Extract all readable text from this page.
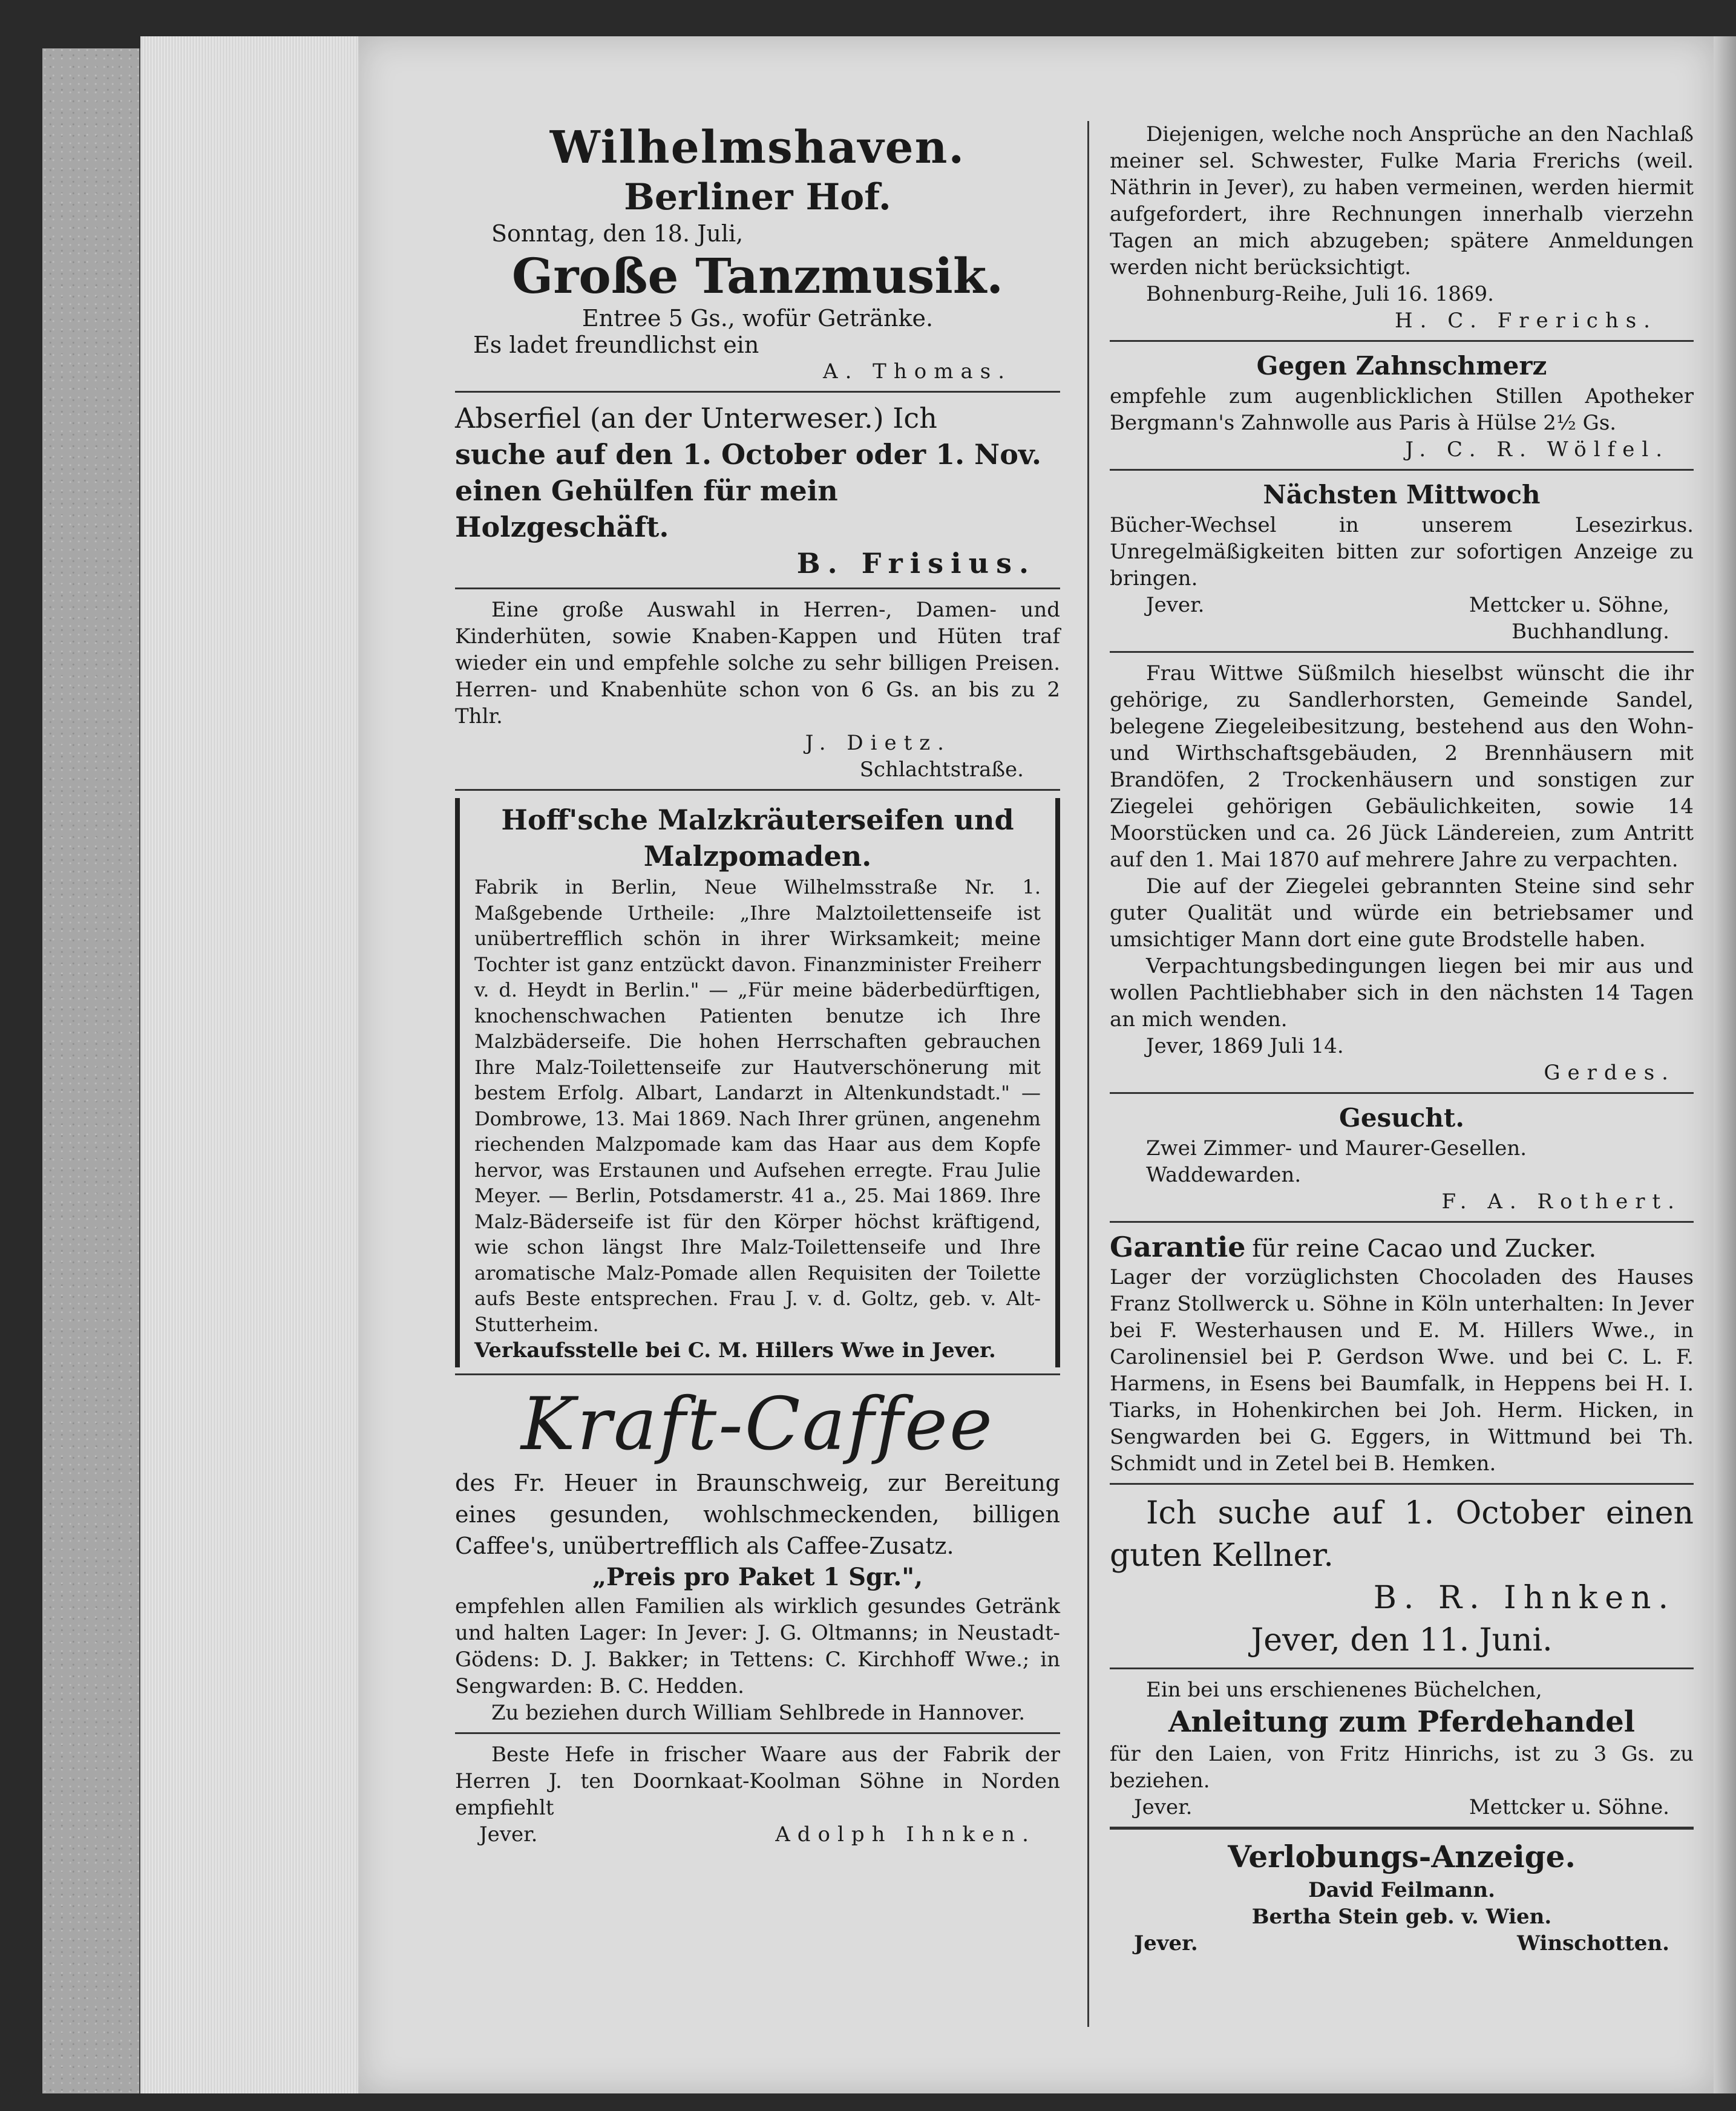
Wilhelmshaven.

Berliner Hof.

Sonntag, den 18. Juli,

Große Tanzmusik.

Entree 5 Gs., wofür Getränke.

Es ladet freundlichst ein

A. Thomas.

Abserfiel (an der Unterweser.) Ich

suche auf den 1. October oder 1. Nov.

einen Gehülfen für mein Holzgeschäft.

B. Frisius.

Eine große Auswahl in Herren-, Damen- und Kinderhüten, sowie Knaben-Kappen und Hüten traf wieder ein und empfehle solche zu sehr billigen Preisen. Herren- und Knabenhüte schon von 6 Gs. an bis zu 2 Thlr.

J. Dietz.

Schlachtstraße.

Hoff'sche Malzkräuterseifen und

Malzpomaden.

Fabrik in Berlin, Neue Wilhelmsstraße Nr. 1. Maßgebende Urtheile: „Ihre Malztoilettenseife ist unübertrefflich schön in ihrer Wirksamkeit; meine Tochter ist ganz entzückt davon. Finanzminister Freiherr v. d. Heydt in Berlin." — „Für meine bäderbedürftigen, knochenschwachen Patienten benutze ich Ihre Malzbäderseife. Die hohen Herrschaften gebrauchen Ihre Malz-Toilettenseife zur Hautverschönerung mit bestem Erfolg. Albart, Landarzt in Altenkundstadt." — Dombrowe, 13. Mai 1869. Nach Ihrer grünen, angenehm riechenden Malzpomade kam das Haar aus dem Kopfe hervor, was Erstaunen und Aufsehen erregte. Frau Julie Meyer. — Berlin, Potsdamerstr. 41 a., 25. Mai 1869. Ihre Malz-Bäderseife ist für den Körper höchst kräftigend, wie schon längst Ihre Malz-Toilettenseife und Ihre aromatische Malz-Pomade allen Requisiten der Toilette aufs Beste entsprechen. Frau J. v. d. Goltz, geb. v. Alt-Stutterheim.

Verkaufsstelle bei C. M. Hillers Wwe in Jever.

Kraft-Caffee

des Fr. Heuer in Braunschweig, zur Bereitung eines gesunden, wohlschmeckenden, billigen Caffee's, unübertrefflich als Caffee-Zusatz.

„Preis pro Paket 1 Sgr.",

empfehlen allen Familien als wirklich gesundes Getränk und halten Lager: In Jever: J. G. Oltmanns; in Neustadt-Gödens: D. J. Bakker; in Tettens: C. Kirchhoff Wwe.; in Sengwarden: B. C. Hedden.

Zu beziehen durch William Sehlbrede in Hannover.

Beste Hefe in frischer Waare aus der Fabrik der Herren J. ten Doornkaat-Koolman Söhne in Norden empfiehlt

Jever.	Adolph Ihnken.

Diejenigen, welche noch Ansprüche an den Nachlaß meiner sel. Schwester, Fulke Maria Frerichs (weil. Näthrin in Jever), zu haben vermeinen, werden hiermit aufgefordert, ihre Rechnungen innerhalb vierzehn Tagen an mich abzugeben; spätere Anmeldungen werden nicht berücksichtigt.

Bohnenburg-Reihe, Juli 16. 1869.

H. C. Frerichs.

Gegen Zahnschmerz

empfehle zum augenblicklichen Stillen Apotheker Bergmann's Zahnwolle aus Paris à Hülse 2½ Gs.

J. C. R. Wölfel.

Nächsten Mittwoch

Bücher-Wechsel in unserem Lesezirkus. Unregelmäßigkeiten bitten zur sofortigen Anzeige zu bringen.

Jever.	Mettcker u. Söhne,

Buchhandlung.

Frau Wittwe Süßmilch hieselbst wünscht die ihr gehörige, zu Sandlerhorsten, Gemeinde Sandel, belegene Ziegeleibesitzung, bestehend aus den Wohn- und Wirthschaftsgebäuden, 2 Brennhäusern mit Brandöfen, 2 Trockenhäusern und sonstigen zur Ziegelei gehörigen Gebäulichkeiten, sowie 14 Moorstücken und ca. 26 Jück Ländereien, zum Antritt auf den 1. Mai 1870 auf mehrere Jahre zu verpachten.

Die auf der Ziegelei gebrannten Steine sind sehr guter Qualität und würde ein betriebsamer und umsichtiger Mann dort eine gute Brodstelle haben.

Verpachtungsbedingungen liegen bei mir aus und wollen Pachtliebhaber sich in den nächsten 14 Tagen an mich wenden.

Jever, 1869 Juli 14.

Gerdes.

Gesucht.

Zwei Zimmer- und Maurer-Gesellen.

Waddewarden.

F. A. Rothert.

Garantie für reine Cacao und Zucker.

Lager der vorzüglichsten Chocoladen des Hauses Franz Stollwerck u. Söhne in Köln unterhalten: In Jever bei F. Westerhausen und E. M. Hillers Wwe., in Carolinensiel bei P. Gerdson Wwe. und bei C. L. F. Harmens, in Esens bei Baumfalk, in Heppens bei H. I. Tiarks, in Hohenkirchen bei Joh. Herm. Hicken, in Sengwarden bei G. Eggers, in Wittmund bei Th. Schmidt und in Zetel bei B. Hemken.

Ich suche auf 1. October einen guten Kellner.

B. R. Ihnken.

Jever, den 11. Juni.

Ein bei uns erschienenes Büchelchen,

Anleitung zum Pferdehandel

für den Laien, von Fritz Hinrichs, ist zu 3 Gs. zu beziehen.

Jever.	Mettcker u. Söhne.

Verlobungs-Anzeige.

David Feilmann.

Bertha Stein geb. v. Wien.

Jever.	Winschotten.
